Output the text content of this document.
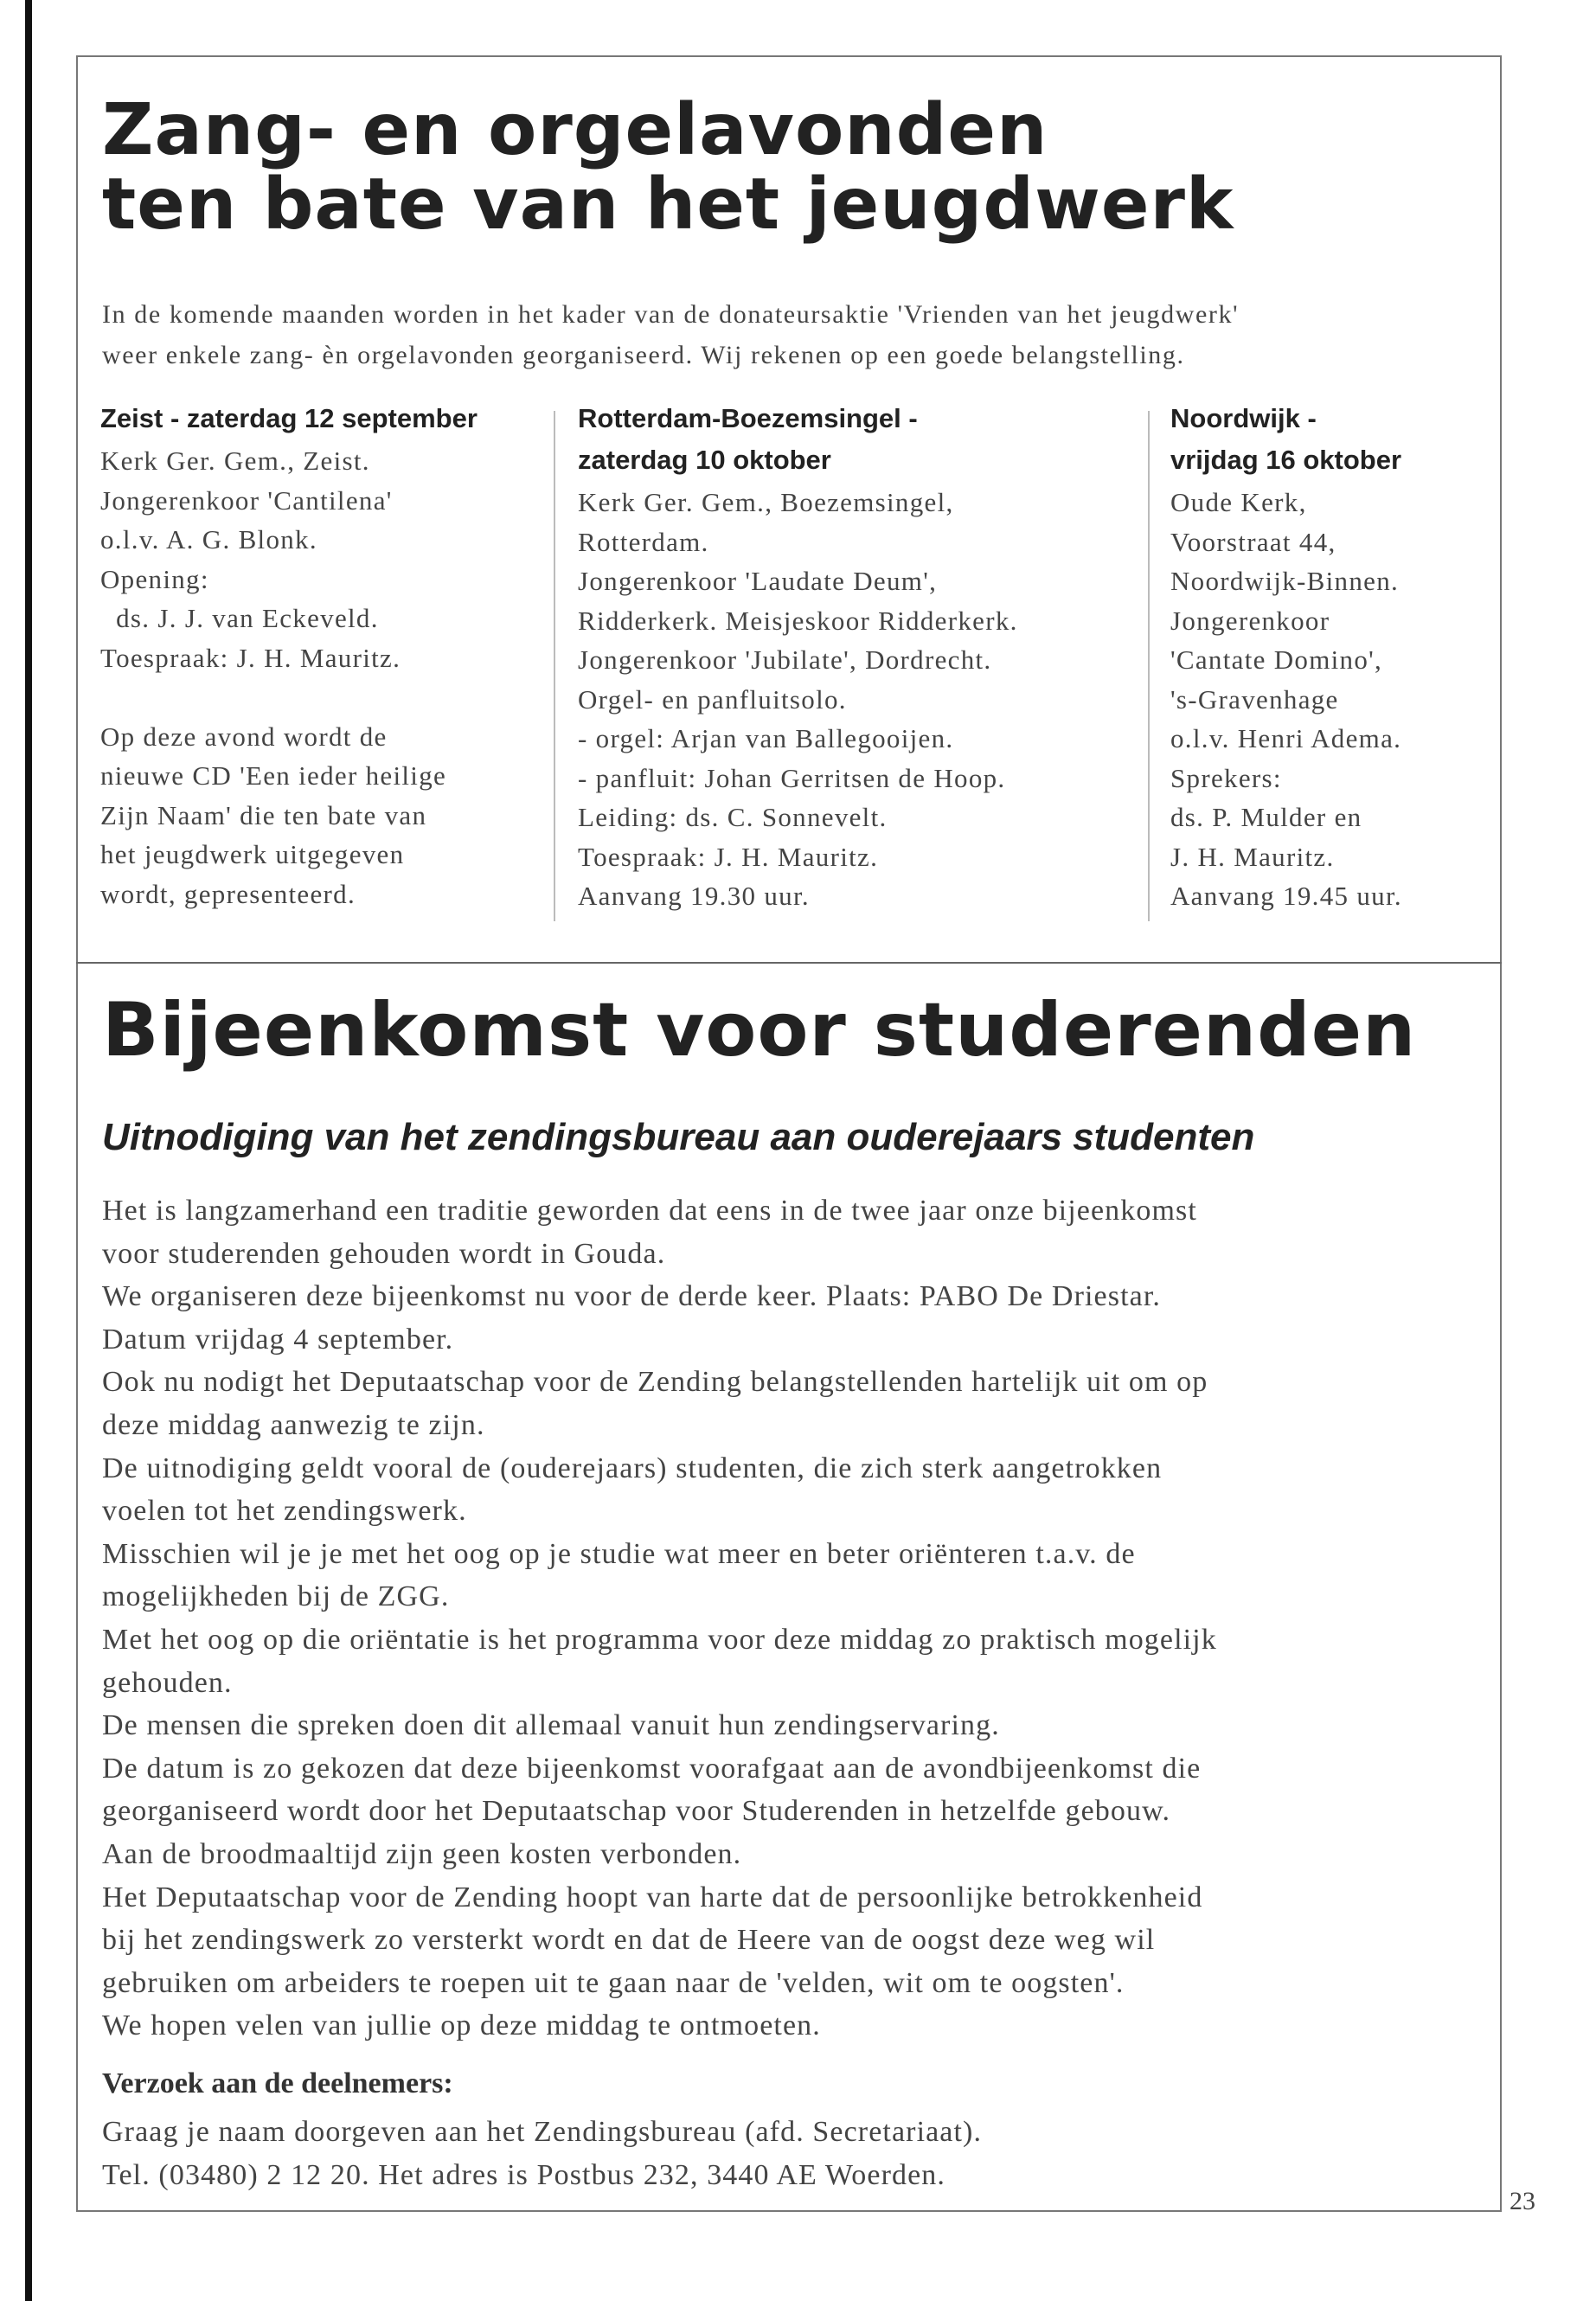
Zang- en orgelavonden
ten bate van het jeugdwerk
In de komende maanden worden in het kader van de donateursaktie 'Vrienden van het jeugdwerk'
weer enkele zang- èn orgelavonden georganiseerd. Wij rekenen op een goede belangstelling.
Zeist - zaterdag 12 september
Kerk Ger. Gem., Zeist.
Jongerenkoor 'Cantilena'
o.l.v. A. G. Blonk.
Opening:
ds. J. J. van Eckeveld.
Toespraak: J. H. Mauritz.

Op deze avond wordt de
nieuwe CD 'Een ieder heilige
Zijn Naam' die ten bate van
het jeugdwerk uitgegeven
wordt, gepresenteerd.
Rotterdam-Boezemsingel -
zaterdag 10 oktober
Kerk Ger. Gem., Boezemsingel,
Rotterdam.
Jongerenkoor 'Laudate Deum',
Ridderkerk. Meisjeskoor Ridderkerk.
Jongerenkoor 'Jubilate', Dordrecht.
Orgel- en panfluitsolo.
- orgel: Arjan van Ballegooijen.
- panfluit: Johan Gerritsen de Hoop.
Leiding: ds. C. Sonnevelt.
Toespraak: J. H. Mauritz.
Aanvang 19.30 uur.
Noordwijk -
vrijdag 16 oktober
Oude Kerk,
Voorstraat 44,
Noordwijk-Binnen.
Jongerenkoor
'Cantate Domino',
's-Gravenhage
o.l.v. Henri Adema.
Sprekers:
ds. P. Mulder en
J. H. Mauritz.
Aanvang 19.45 uur.
Bijeenkomst voor studerenden
Uitnodiging van het zendingsbureau aan ouderejaars studenten
Het is langzamerhand een traditie geworden dat eens in de twee jaar onze bijeenkomst
voor studerenden gehouden wordt in Gouda.
We organiseren deze bijeenkomst nu voor de derde keer. Plaats: PABO De Driestar.
Datum vrijdag 4 september.
Ook nu nodigt het Deputaatschap voor de Zending belangstellenden hartelijk uit om op
deze middag aanwezig te zijn.
De uitnodiging geldt vooral de (ouderejaars) studenten, die zich sterk aangetrokken
voelen tot het zendingswerk.
Misschien wil je je met het oog op je studie wat meer en beter oriënteren t.a.v. de
mogelijkheden bij de ZGG.
Met het oog op die oriëntatie is het programma voor deze middag zo praktisch mogelijk
gehouden.
De mensen die spreken doen dit allemaal vanuit hun zendingservaring.
De datum is zo gekozen dat deze bijeenkomst voorafgaat aan de avondbijeenkomst die
georganiseerd wordt door het Deputaatschap voor Studerenden in hetzelfde gebouw.
Aan de broodmaaltijd zijn geen kosten verbonden.
Het Deputaatschap voor de Zending hoopt van harte dat de persoonlijke betrokkenheid
bij het zendingswerk zo versterkt wordt en dat de Heere van de oogst deze weg wil
gebruiken om arbeiders te roepen uit te gaan naar de 'velden, wit om te oogsten'.
We hopen velen van jullie op deze middag te ontmoeten.
Verzoek aan de deelnemers:
Graag je naam doorgeven aan het Zendingsbureau (afd. Secretariaat).
Tel. (03480) 2 12 20. Het adres is Postbus 232, 3440 AE Woerden.
23
